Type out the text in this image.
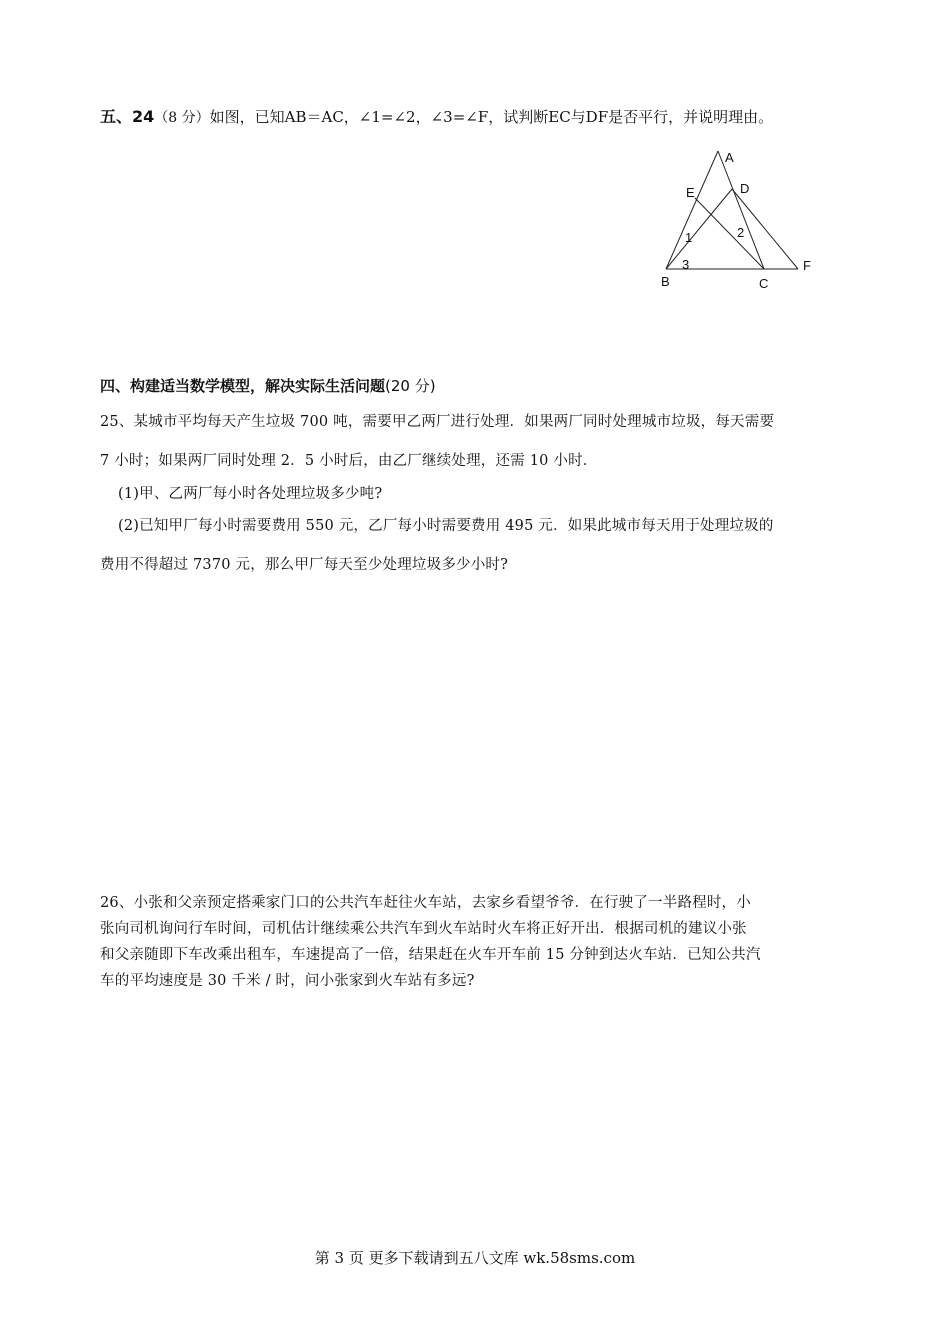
五、24（8 分）如图，已知AB＝AC，∠1=∠2，∠3=∠F，试判断EC与DF是否平行，并说明理由。
A
E	D
1	2
3	F
B	C
四、构建适当数学模型，解决实际生活问题(20 分)
25、某城市平均每天产生垃圾 700 吨，需要甲乙两厂进行处理．如果两厂同时处理城市垃圾，每天需要
7 小时；如果两厂同时处理 2．5 小时后，由乙厂继续处理，还需 10 小时．
(1)甲、乙两厂每小时各处理垃圾多少吨?
(2)已知甲厂每小时需要费用 550 元，乙厂每小时需要费用 495 元．如果此城市每天用于处理垃圾的
费用不得超过 7370 元，那么甲厂每天至少处理垃圾多少小时?
26、小张和父亲预定搭乘家门口的公共汽车赶往火车站，去家乡看望爷爷．在行驶了一半路程时，小
张向司机询问行车时间，司机估计继续乘公共汽车到火车站时火车将正好开出．根据司机的建议小张
和父亲随即下车改乘出租车，车速提高了一倍，结果赶在火车开车前 15 分钟到达火车站．已知公共汽
车的平均速度是 30 千米 / 时，问小张家到火车站有多远?
第 3 页 更多下载请到五八文库 wk.58sms.com
